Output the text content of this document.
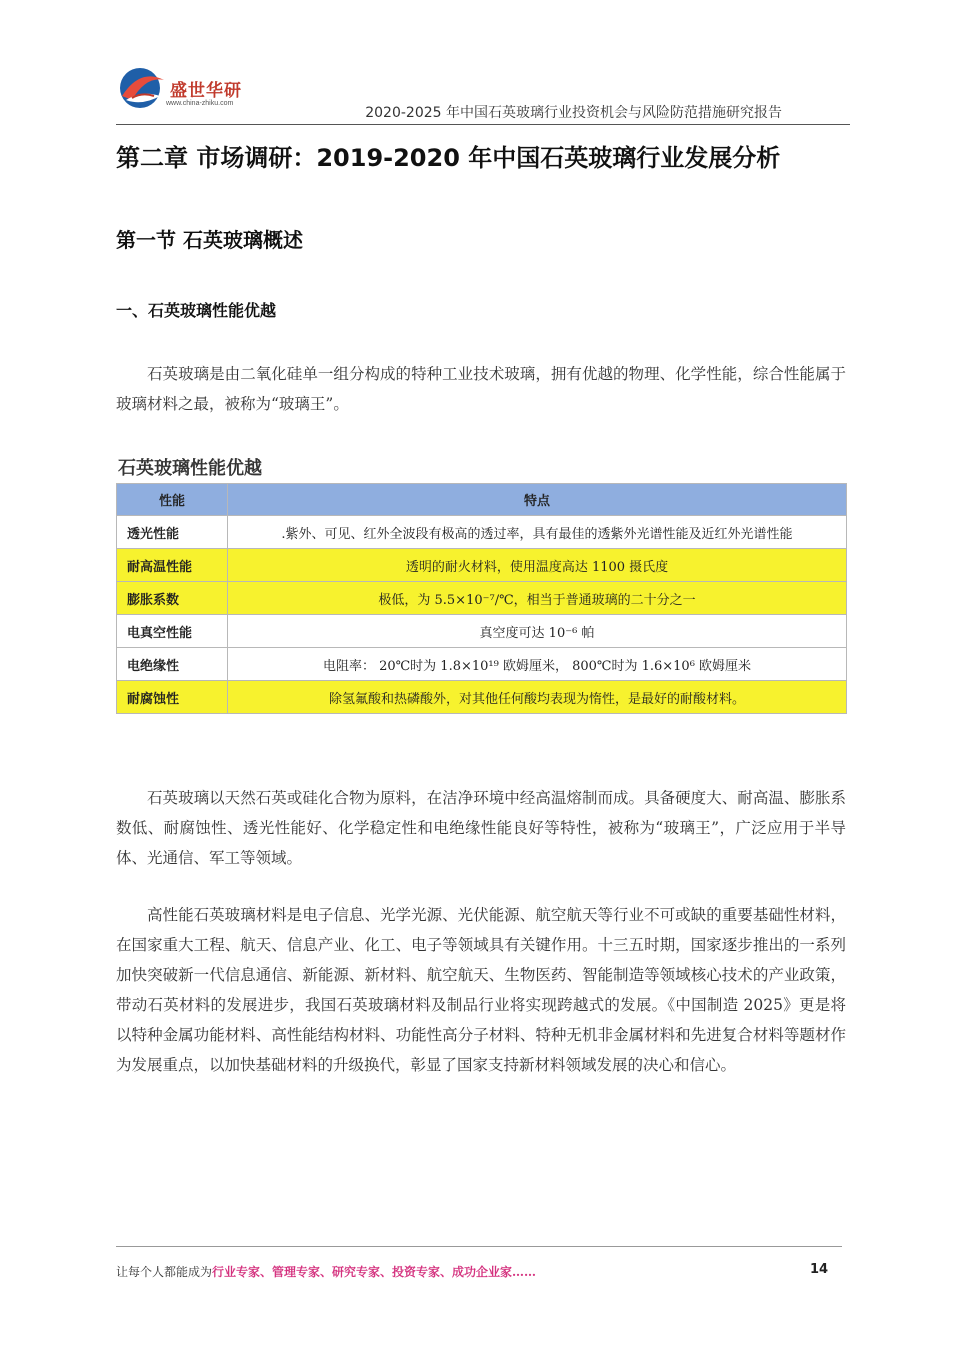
盛世华研
www.china-zhiku.com
2020-2025 年中国石英玻璃行业投资机会与风险防范措施研究报告
第二章 市场调研：2019-2020 年中国石英玻璃行业发展分析
第一节 石英玻璃概述
一、石英玻璃性能优越

石英玻璃是由二氧化硅单一组分构成的特种工业技术玻璃，拥有优越的物理、化学性能，综合性能属于玻璃材料之最，被称为“玻璃王”。

石英玻璃性能优越
性能	特点
透光性能	.紫外、可见、红外全波段有极高的透过率，具有最佳的透紫外光谱性能及近红外光谱性能
耐高温性能	透明的耐火材料，使用温度高达 1100 摄氏度
膨胀系数	极低，为 5.5×10⁻⁷/℃，相当于普通玻璃的二十分之一
电真空性能	真空度可达 10⁻⁶ 帕
电绝缘性	电阻率： 20℃时为 1.8×10¹⁹ 欧姆厘米， 800℃时为 1.6×10⁶ 欧姆厘米
耐腐蚀性	除氢氟酸和热磷酸外，对其他任何酸均表现为惰性，是最好的耐酸材料。

石英玻璃以天然石英或硅化合物为原料，在洁净环境中经高温熔制而成。具备硬度大、耐高温、膨胀系数低、耐腐蚀性、透光性能好、化学稳定性和电绝缘性能良好等特性，被称为“玻璃王”，广泛应用于半导体、光通信、军工等领域。

高性能石英玻璃材料是电子信息、光学光源、光伏能源、航空航天等行业不可或缺的重要基础性材料，在国家重大工程、航天、信息产业、化工、电子等领域具有关键作用。十三五时期，国家逐步推出的一系列加快突破新一代信息通信、新能源、新材料、航空航天、生物医药、智能制造等领域核心技术的产业政策，带动石英材料的发展进步，我国石英玻璃材料及制品行业将实现跨越式的发展。《中国制造 2025》更是将以特种金属功能材料、高性能结构材料、功能性高分子材料、特种无机非金属材料和先进复合材料等题材作为发展重点，以加快基础材料的升级换代，彰显了国家支持新材料领域发展的决心和信心。

让每个人都能成为行业专家、管理专家、研究专家、投资专家、成功企业家……	14
